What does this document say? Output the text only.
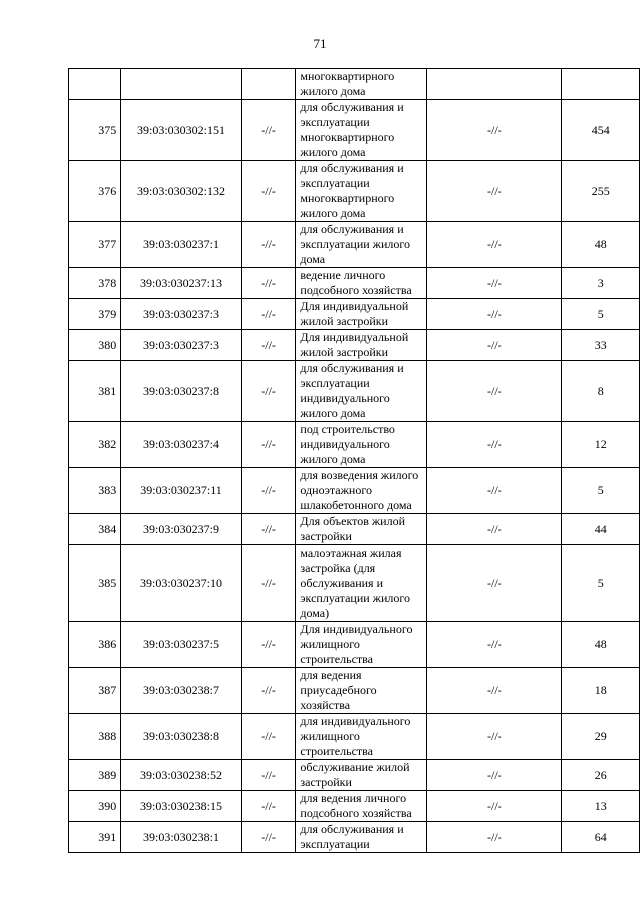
71
			многоквартирного жилого дома		
375	39:03:030302:151	-//-	для обслуживания и эксплуатации многоквартирного жилого дома	-//-	454
376	39:03:030302:132	-//-	для обслуживания и эксплуатации многоквартирного жилого дома	-//-	255
377	39:03:030237:1	-//-	для обслуживания и эксплуатации жилого дома	-//-	48
378	39:03:030237:13	-//-	ведение личного подсобного хозяйства	-//-	3
379	39:03:030237:3	-//-	Для индивидуальной жилой застройки	-//-	5
380	39:03:030237:3	-//-	Для индивидуальной жилой застройки	-//-	33
381	39:03:030237:8	-//-	для обслуживания и эксплуатации индивидуального жилого дома	-//-	8
382	39:03:030237:4	-//-	под строительство индивидуального жилого дома	-//-	12
383	39:03:030237:11	-//-	для возведения жилого одноэтажного шлакобетонного дома	-//-	5
384	39:03:030237:9	-//-	Для объектов жилой застройки	-//-	44
385	39:03:030237:10	-//-	малоэтажная жилая застройка (для обслуживания и эксплуатации жилого дома)	-//-	5
386	39:03:030237:5	-//-	Для индивидуального жилищного строительства	-//-	48
387	39:03:030238:7	-//-	для ведения приусадебного хозяйства	-//-	18
388	39:03:030238:8	-//-	для индивидуального жилищного строительства	-//-	29
389	39:03:030238:52	-//-	обслуживание жилой застройки	-//-	26
390	39:03:030238:15	-//-	для ведения личного подсобного хозяйства	-//-	13
391	39:03:030238:1	-//-	для обслуживания и эксплуатации	-//-	64
